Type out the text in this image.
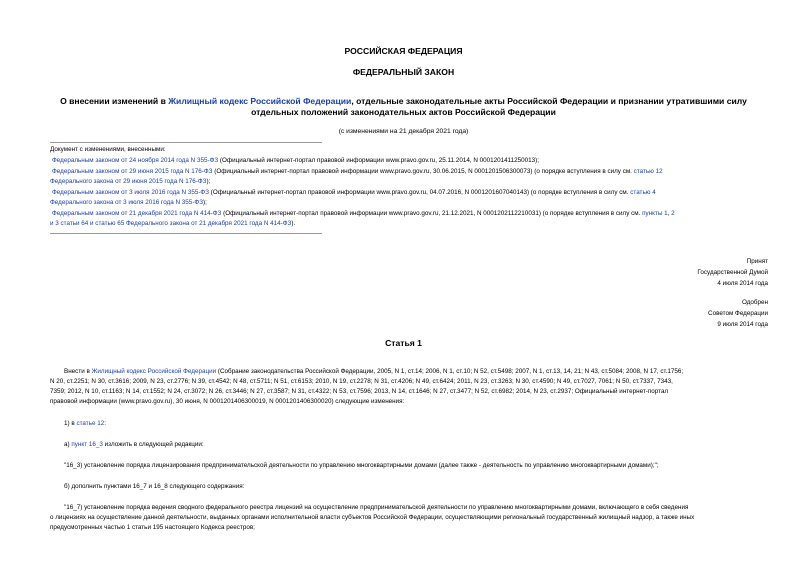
РОССИЙСКАЯ ФЕДЕРАЦИЯ
ФЕДЕРАЛЬНЫЙ ЗАКОН
О внесении изменений в Жилищный кодекс Российской Федерации, отдельные законодательные акты Российской Федерации и признании утратившими силу
отдельных положений законодательных актов Российской Федерации
(с изменениями на 21 декабря 2021 года)
Документ с изменениями, внесенными:
Федеральным законом от 24 ноября 2014 года N 355-ФЗ (Официальный интернет-портал правовой информации www.pravo.gov.ru, 25.11.2014, N 0001201411250013);
Федеральным законом от 29 июня 2015 года N 176-ФЗ (Официальный интернет-портал правовой информации www.pravo.gov.ru, 30.06.2015, N 0001201506300073) (о порядке вступления в силу см. статью 12
Федерального закона от 29 июня 2015 года N 176-ФЗ);
Федеральным законом от 3 июля 2016 года N 355-ФЗ (Официальный интернет-портал правовой информации www.pravo.gov.ru, 04.07.2016, N 0001201607040143) (о порядке вступления в силу см. статью 4
Федерального закона от 3 июля 2016 года N 355-ФЗ);
Федеральным законом от 21 декабря 2021 года N 414-ФЗ (Официальный интернет-портал правовой информации www.pravo.gov.ru, 21.12.2021, N 0001202112210031) (о порядке вступления в силу см. пункты 1, 2
и 3 статьи 64 и статью 65 Федерального закона от 21 декабря 2021 года N 414-ФЗ).
Принят
Государственной Думой
4 июля 2014 года
Одобрен
Советом Федерации
9 июля 2014 года
Статья 1
Внести в Жилищный кодекс Российской Федерации (Собрание законодательства Российской Федерации, 2005, N 1, ст.14; 2006, N 1, ст.10; N 52, ст.5498; 2007, N 1, ст.13, 14, 21; N 43, ст.5084; 2008, N 17, ст.1756;
N 20, ст.2251; N 30, ст.3616; 2009, N 23, ст.2776; N 39, ст.4542; N 48, ст.5711; N 51, ст.6153; 2010, N 19, ст.2278; N 31, ст.4206; N 49, ст.6424; 2011, N 23, ст.3263; N 30, ст.4590; N 49, ст.7027, 7061; N 50, ст.7337, 7343,
7359; 2012, N 10, ст.1163; N 14, ст.1552; N 24, ст.3072; N 26, ст.3446; N 27, ст.3587; N 31, ст.4322; N 53, ст.7596; 2013, N 14, ст.1646; N 27, ст.3477; N 52, ст.6982; 2014, N 23, ст.2937; Официальный интернет-портал
правовой информации (www.pravo.gov.ru), 30 июня, N 0001201406300019, N 0001201406300020) следующие изменения:
1) в статье 12:
а) пункт 16_3 изложить в следующей редакции:
"16_3) установление порядка лицензирования предпринимательской деятельности по управлению многоквартирными домами (далее также - деятельность по управлению многоквартирными домами);";
б) дополнить пунктами 16_7 и 16_8 следующего содержания:
"16_7) установление порядка ведения сводного федерального реестра лицензий на осуществление предпринимательской деятельности по управлению многоквартирными домами, включающего в себя сведения
о лицензиях на осуществление данной деятельности, выданных органами исполнительной власти субъектов Российской Федерации, осуществляющими региональный государственный жилищный надзор, а также иных
предусмотренных частью 1 статьи 195 настоящего Кодекса реестров;
